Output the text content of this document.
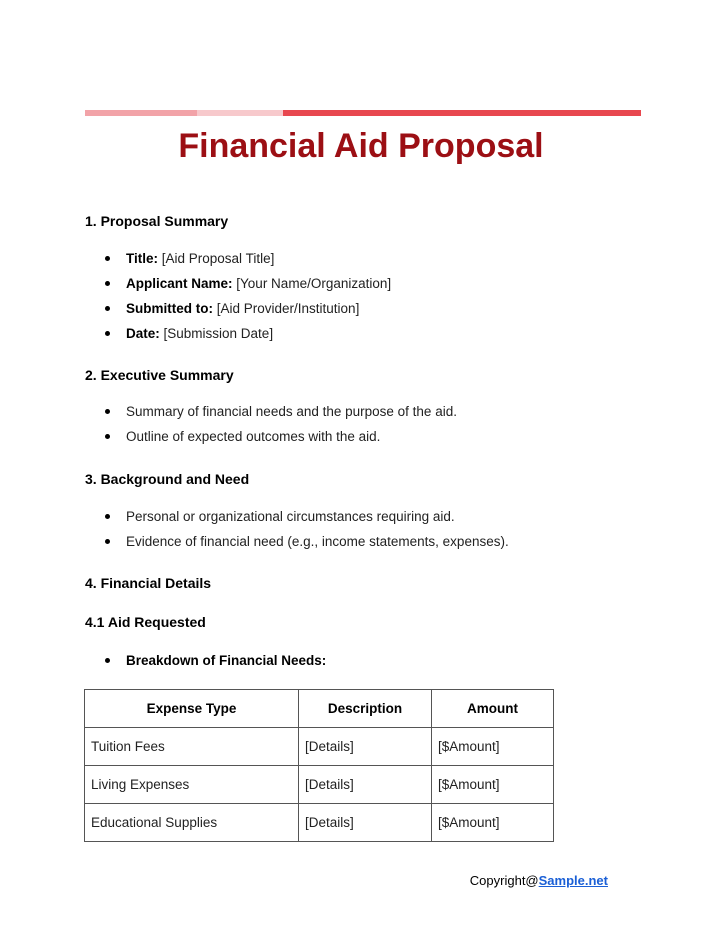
Financial Aid Proposal
1. Proposal Summary
Title: [Aid Proposal Title]
Applicant Name: [Your Name/Organization]
Submitted to: [Aid Provider/Institution]
Date: [Submission Date]
2. Executive Summary
Summary of financial needs and the purpose of the aid.
Outline of expected outcomes with the aid.
3. Background and Need
Personal or organizational circumstances requiring aid.
Evidence of financial need (e.g., income statements, expenses).
4. Financial Details
4.1 Aid Requested
Breakdown of Financial Needs:
Expense Type	Description	Amount
Tuition Fees	[Details]	[$Amount]
Living Expenses	[Details]	[$Amount]
Educational Supplies	[Details]	[$Amount]
Copyright@Sample.net
